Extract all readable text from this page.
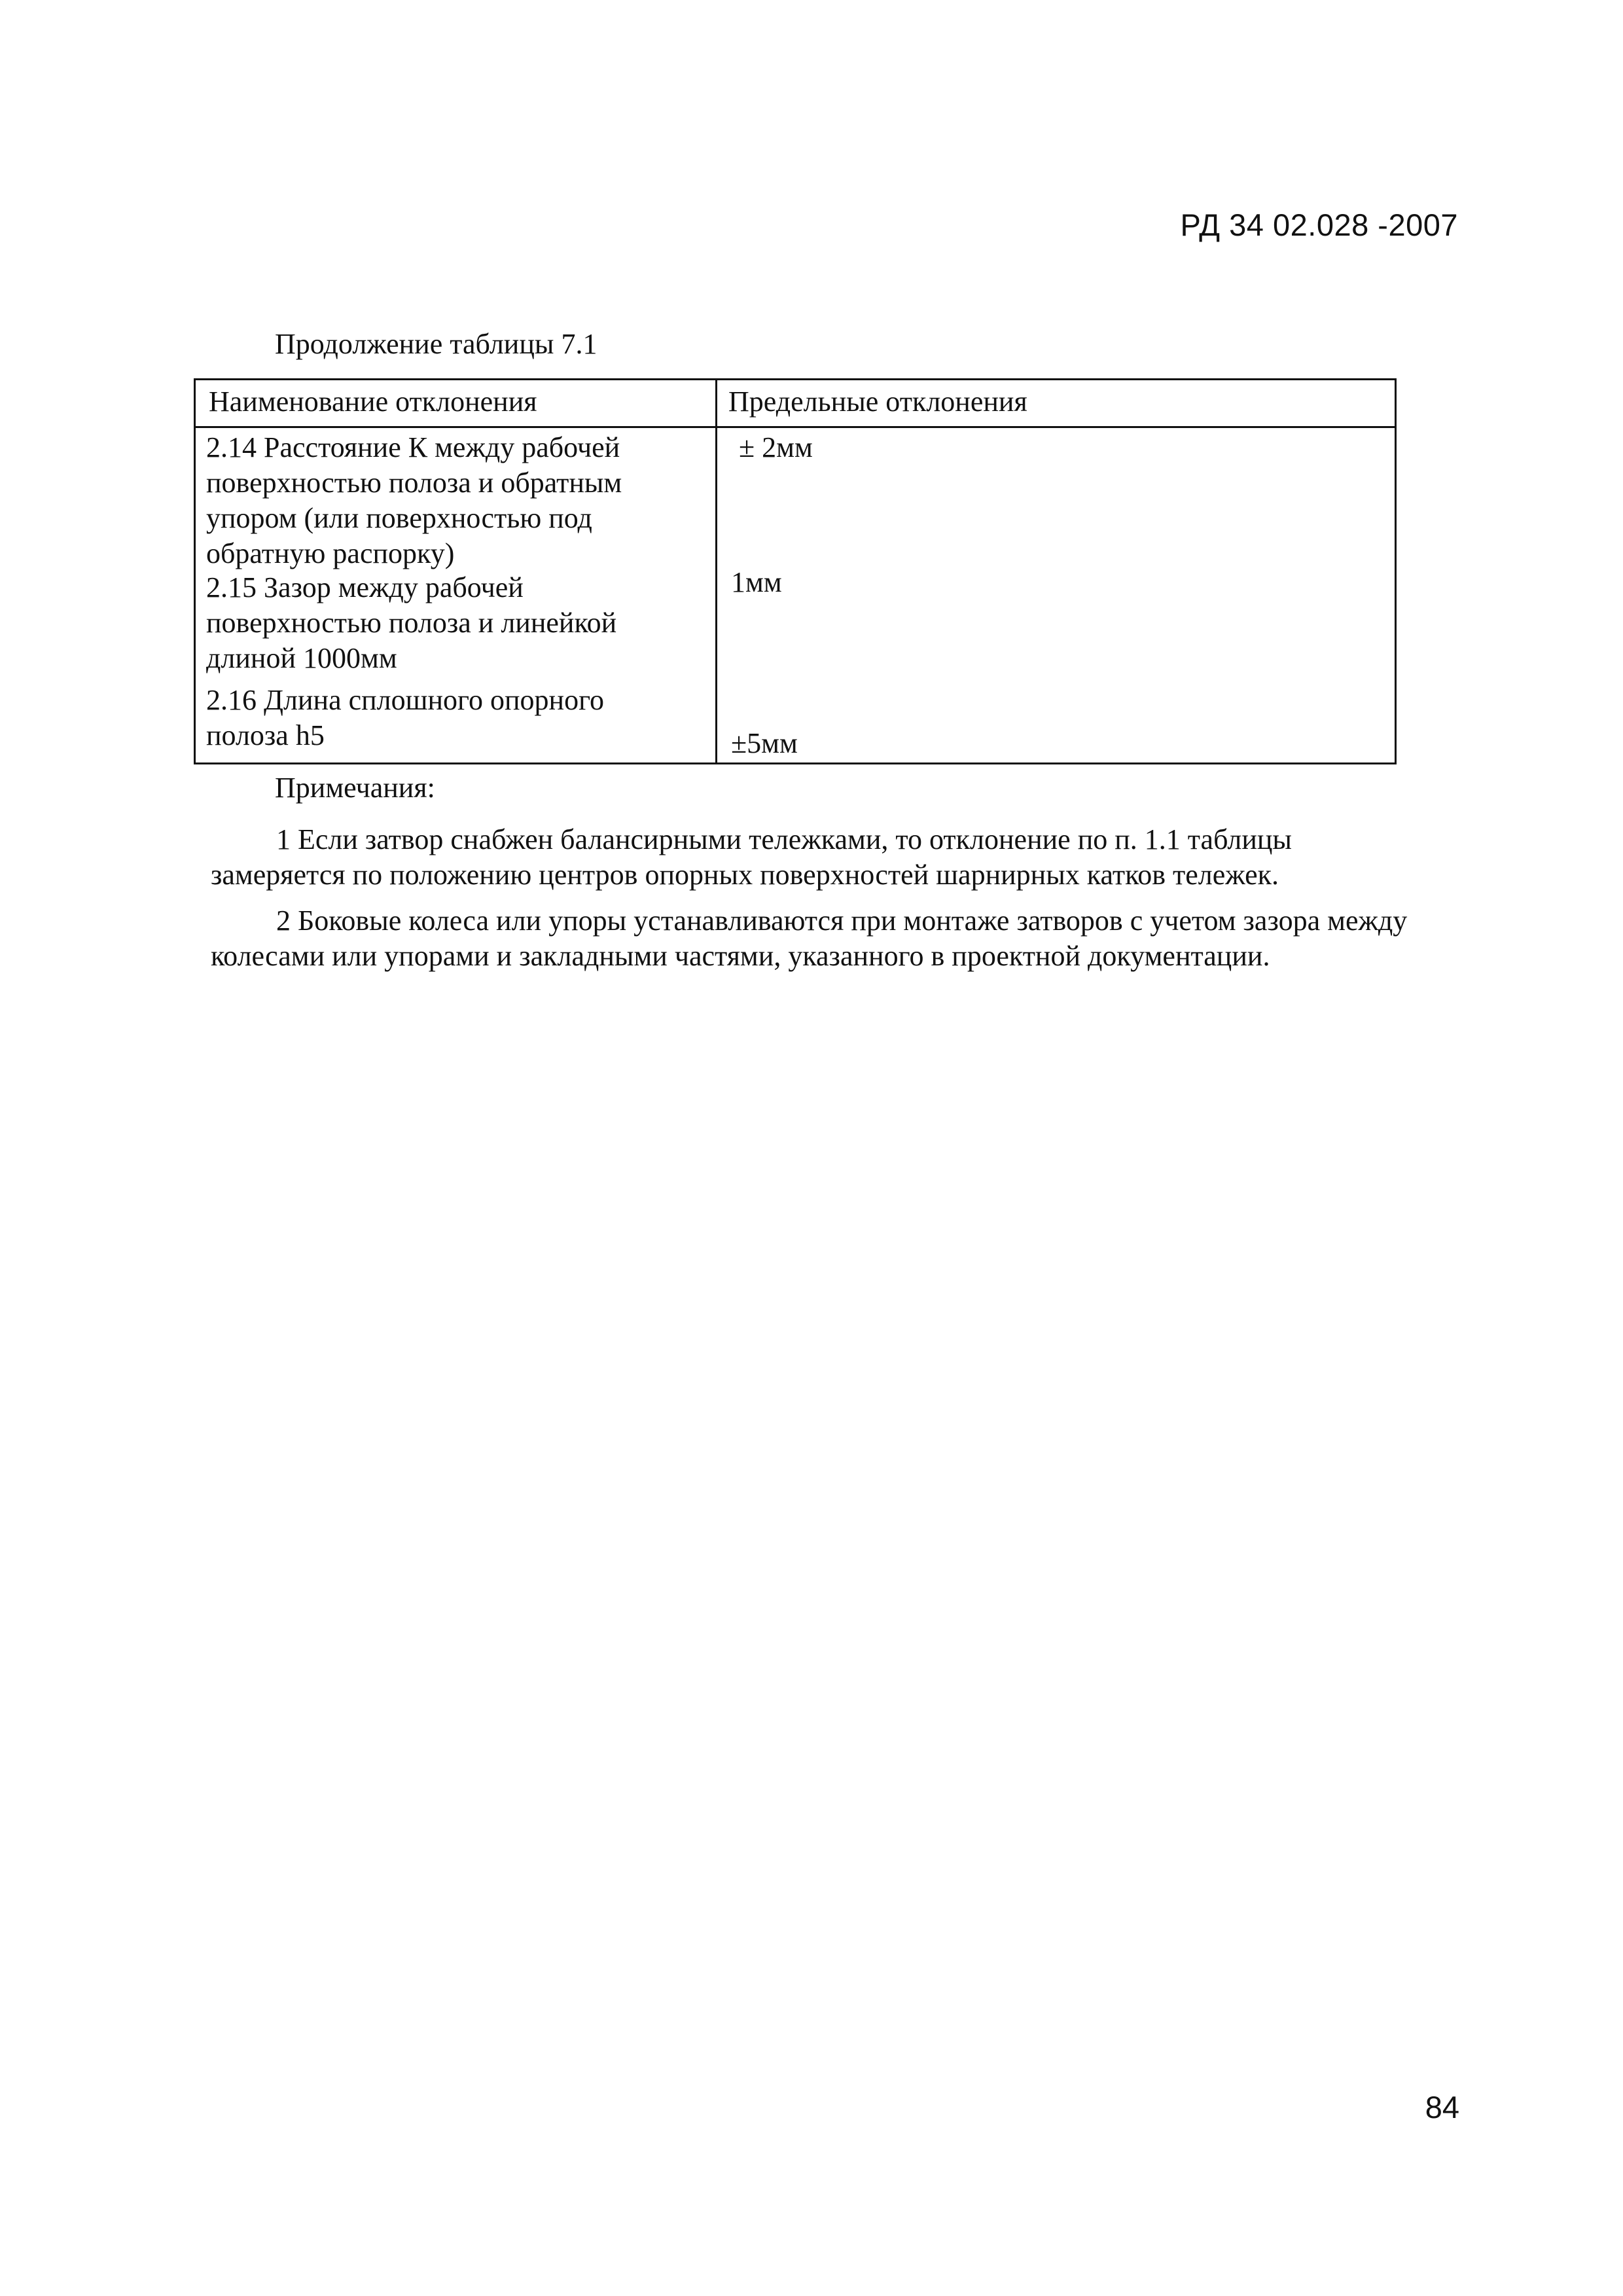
РД 34 02.028 -2007
Продолжение таблицы 7.1
Наименование отклонения	Предельные отклонения
2.14 Расстояние К между рабочей
поверхностью полоза и обратным
упором (или поверхностью под
обратную распорку)
± 2мм
2.15 Зазор между рабочей
поверхностью полоза и линейкой
длиной 1000мм
1мм
2.16 Длина сплошного опорного
полоза h5	±5мм
Примечания:
1 Если затвор снабжен балансирными тележками, то отклонение по п. 1.1 таблицы
замеряется по положению центров опорных поверхностей шарнирных катков тележек.
2 Боковые колеса или упоры устанавливаются при монтаже затворов с учетом зазора между
колесами или упорами и закладными частями, указанного в проектной документации.
84
